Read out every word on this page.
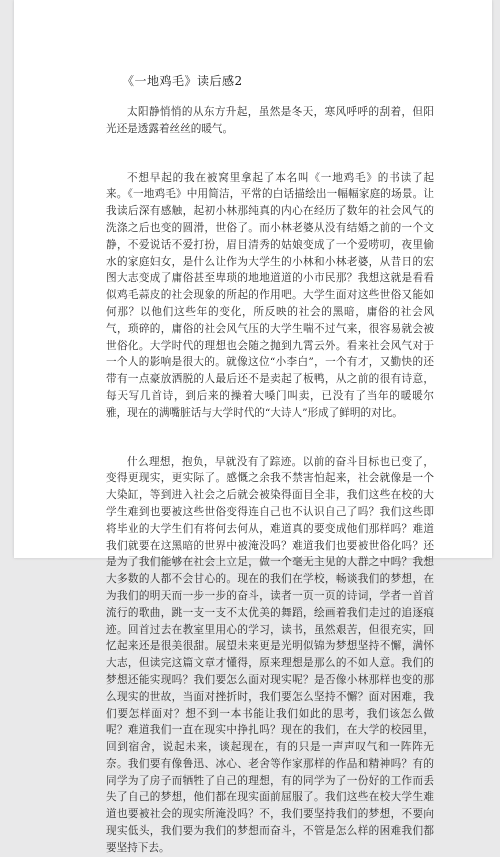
《一地鸡毛》读后感2

太阳静悄悄的从东方升起，虽然是冬天，寒风呼呼的刮着，但阳光还是透露着丝丝的暖气。

不想早起的我在被窝里拿起了本名叫《一地鸡毛》的书读了起来。《一地鸡毛》中用简洁，平常的白话描绘出一幅幅家庭的场景。让我读后深有感触，起初小林那纯真的内心在经历了数年的社会风气的洗涤之后也变的圆滑，世俗了。而小林老婆从没有结婚之前的一个文静，不爱说话不爱打扮，眉目清秀的姑娘变成了一个爱唠叨，夜里偷水的家庭妇女，是什么让作为大学生的小林和小林老婆，从昔日的宏图大志变成了庸俗甚至卑琐的地地道道的小市民那？我想这就是看看似鸡毛蒜皮的社会现象的所起的作用吧。大学生面对这些世俗又能如何那？以他们这些年的变化，所反映的社会的黑暗，庸俗的社会风气，琐碎的，庸俗的社会风气压的大学生喘不过气来，很容易就会被世俗化。大学时代的理想也会随之抛到九霄云外。看来社会风气对于一个人的影响是很大的。就像这位“小李白”，一个有才，又勤快的还带有一点豪放洒脱的人最后还不是卖起了板鸭，从之前的很有诗意，每天写几首诗，到后来的操着大嗓门叫卖，已没有了当年的暖暖尔雅，现在的满嘴脏话与大学时代的“大诗人”形成了鲜明的对比。

什么理想，抱负，早就没有了踪迹。以前的奋斗目标也已变了，变得更现实，更实际了。感慨之余我不禁害怕起来，社会就像是一个大染缸，等到进入社会之后就会被染得面目全非，我们这些在校的大学生难到也要被这些世俗变得连自己也不认识自己了吗？我们这些即将毕业的大学生们有将何去何从，难道真的要变成他们那样吗？难道我们就要在这黑暗的世界中被淹没吗？难道我们也要被世俗化吗？还是为了我们能够在社会上立足，做一个毫无主见的人群之中吗？我想大多数的人都不会甘心的。现在的我们在学校，畅谈我们的梦想，在为我们的明天而一步一步的奋斗，读者一页一页的诗词，学者一首首流行的歌曲，跳一支一支不太优美的舞蹈，绘画着我们走过的追逐痕迹。回首过去在教室里用心的学习，读书，虽然艰苦，但很充实，回忆起来还是很美很甜。展望未来更是光明似锦为梦想坚持不懈，满怀大志，但读完这篇文章才懂得，原来理想是那么的不如人意。我们的梦想还能实现吗？我们要怎么面对现实呢？是否像小林那样也变的那么现实的世故，当面对挫折时，我们要怎么坚持不懈？面对困难，我们要怎样面对？想不到一本书能让我们如此的思考，我们该怎么做呢？难道我们一直在现实中挣扎吗？现在的我们，在大学的校园里，回到宿舍，说起未来，谈起现在，有的只是一声声叹气和一阵阵无奈。我们要有像鲁迅、冰心、老舍等作家那样的作品和精神吗？有的同学为了房子而牺牲了自己的理想，有的同学为了一份好的工作而丢失了自己的梦想，他们都在现实面前屈服了。我们这些在校大学生难道也要被社会的现实所淹没吗？不，我们要坚持我们的梦想，不要向现实低头，我们要为我们的梦想而奋斗，不管是怎么样的困难我们都要坚持下去。
